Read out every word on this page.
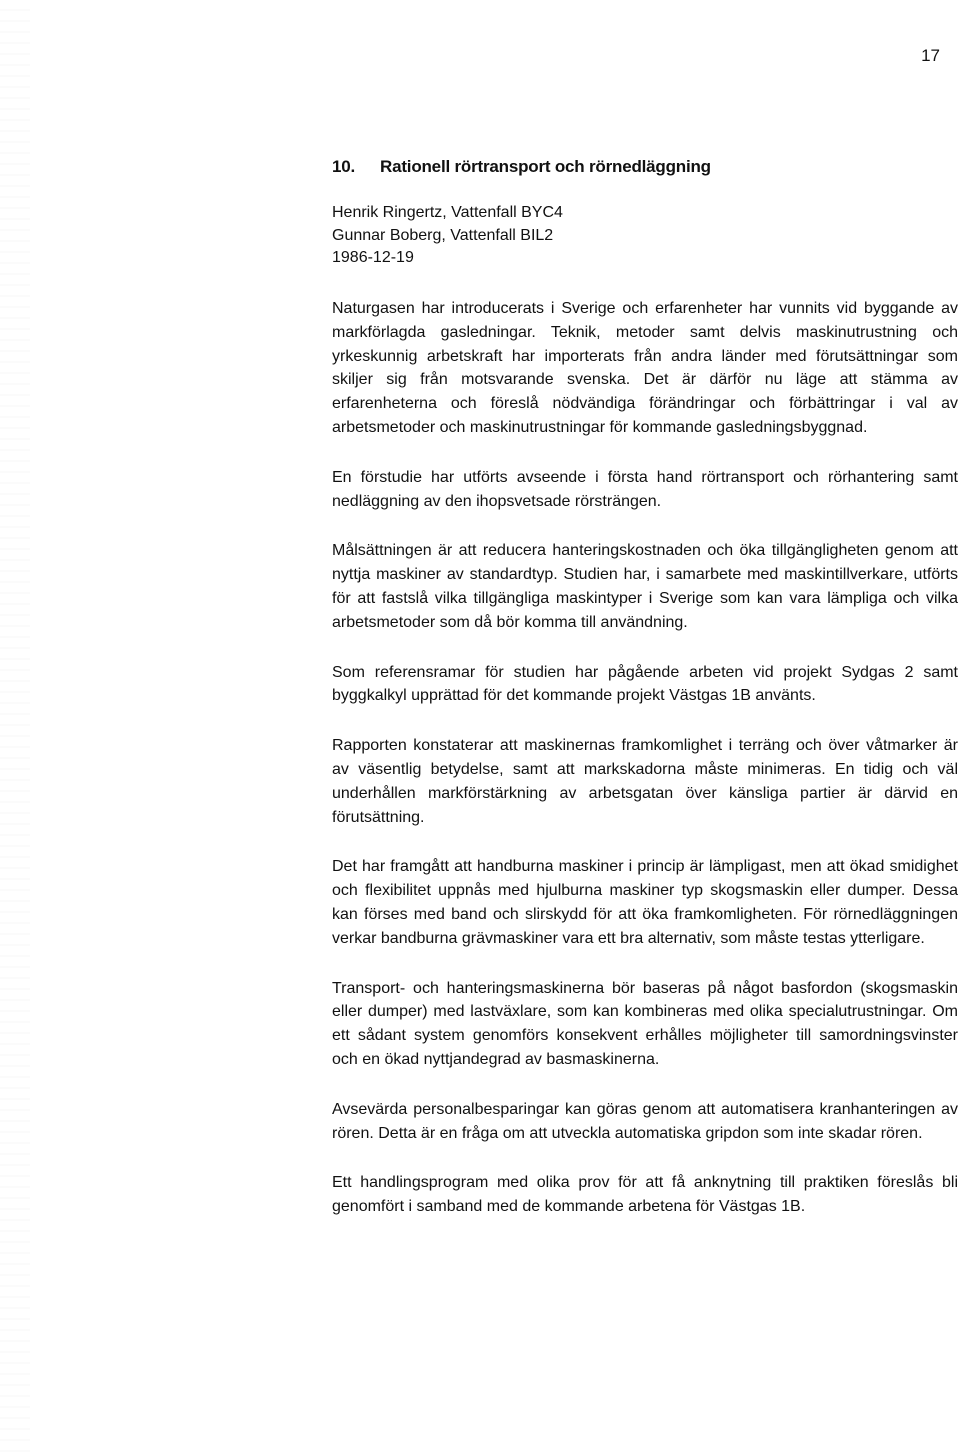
17
10. Rationell rörtransport och rörnedläggning
Henrik Ringertz, Vattenfall BYC4
Gunnar Boberg, Vattenfall BIL2
1986-12-19

Naturgasen har introducerats i Sverige och erfarenheter har vunnits vid byggande av markförlagda gasledningar. Teknik, metoder samt delvis maskinutrustning och yrkeskunnig arbetskraft har importerats från andra länder med förutsättningar som skiljer sig från motsvarande svenska. Det är därför nu läge att stämma av erfarenheterna och föreslå nödvändiga förändringar och förbättringar i val av arbetsmetoder och maskinutrustningar för kommande gasledningsbyggnad.

En förstudie har utförts avseende i första hand rörtransport och rörhantering samt nedläggning av den ihopsvetsade rörsträngen.

Målsättningen är att reducera hanteringskostnaden och öka tillgängligheten genom att nyttja maskiner av standardtyp. Studien har, i samarbete med maskintillverkare, utförts för att fastslå vilka tillgängliga maskintyper i Sverige som kan vara lämpliga och vilka arbetsmetoder som då bör komma till användning.

Som referensramar för studien har pågående arbeten vid projekt Sydgas 2 samt byggkalkyl upprättad för det kommande projekt Västgas 1B använts.

Rapporten konstaterar att maskinernas framkomlighet i terräng och över våtmarker är av väsentlig betydelse, samt att markskadorna måste minimeras. En tidig och väl underhållen markförstärkning av arbetsgatan över känsliga partier är därvid en förutsättning.

Det har framgått att handburna maskiner i princip är lämpligast, men att ökad smidighet och flexibilitet uppnås med hjulburna maskiner typ skogsmaskin eller dumper. Dessa kan förses med band och slirskydd för att öka framkomligheten. För rörnedläggningen verkar bandburna grävmaskiner vara ett bra alternativ, som måste testas ytterligare.

Transport- och hanteringsmaskinerna bör baseras på något basfordon (skogsmaskin eller dumper) med lastväxlare, som kan kombineras med olika specialutrustningar. Om ett sådant system genomförs konsekvent erhålles möjligheter till samordningsvinster och en ökad nyttjandegrad av basmaskinerna.

Avsevärda personalbesparingar kan göras genom att automatisera kranhanteringen av rören. Detta är en fråga om att utveckla automatiska gripdon som inte skadar rören.

Ett handlingsprogram med olika prov för att få anknytning till praktiken föreslås bli genomfört i samband med de kommande arbetena för Västgas 1B.
